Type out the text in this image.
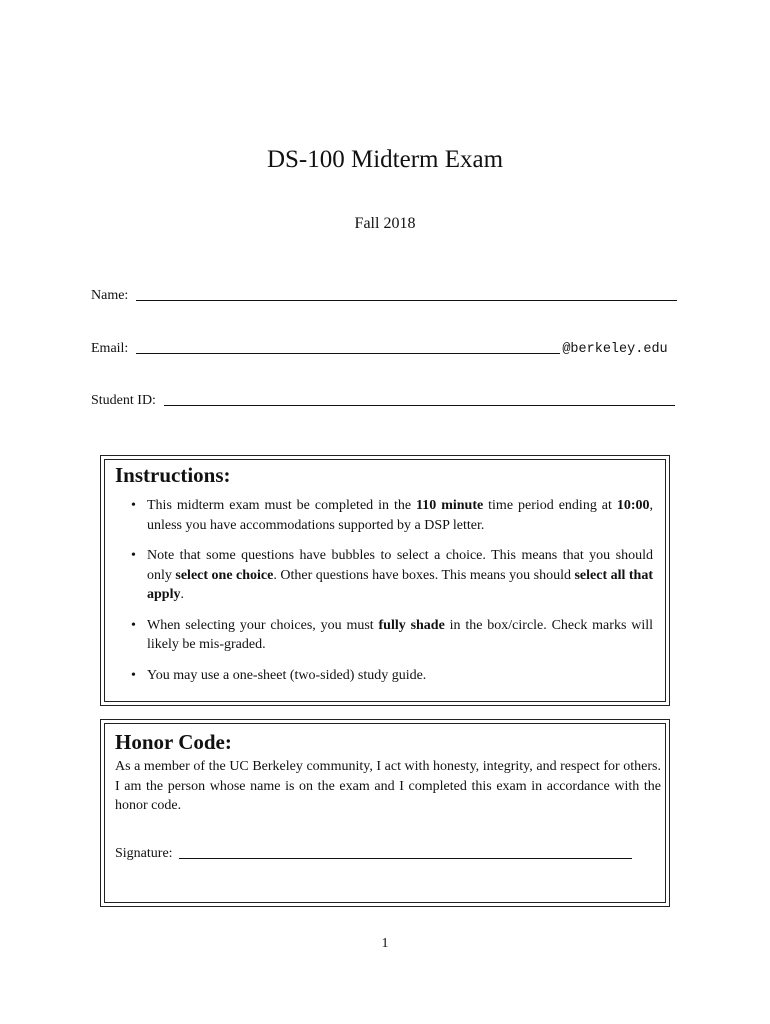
DS-100 Midterm Exam
Fall 2018
Name:
Email:	@berkeley.edu
Student ID:
Instructions:
• This midterm exam must be completed in the 110 minute time period ending at 10:00, unless you have accommodations supported by a DSP letter.
• Note that some questions have bubbles to select a choice. This means that you should only select one choice. Other questions have boxes. This means you should select all that apply.
• When selecting your choices, you must fully shade in the box/circle. Check marks will likely be mis-graded.
• You may use a one-sheet (two-sided) study guide.
Honor Code:
As a member of the UC Berkeley community, I act with honesty, integrity, and respect for others. I am the person whose name is on the exam and I completed this exam in accordance with the honor code.
Signature:
1
